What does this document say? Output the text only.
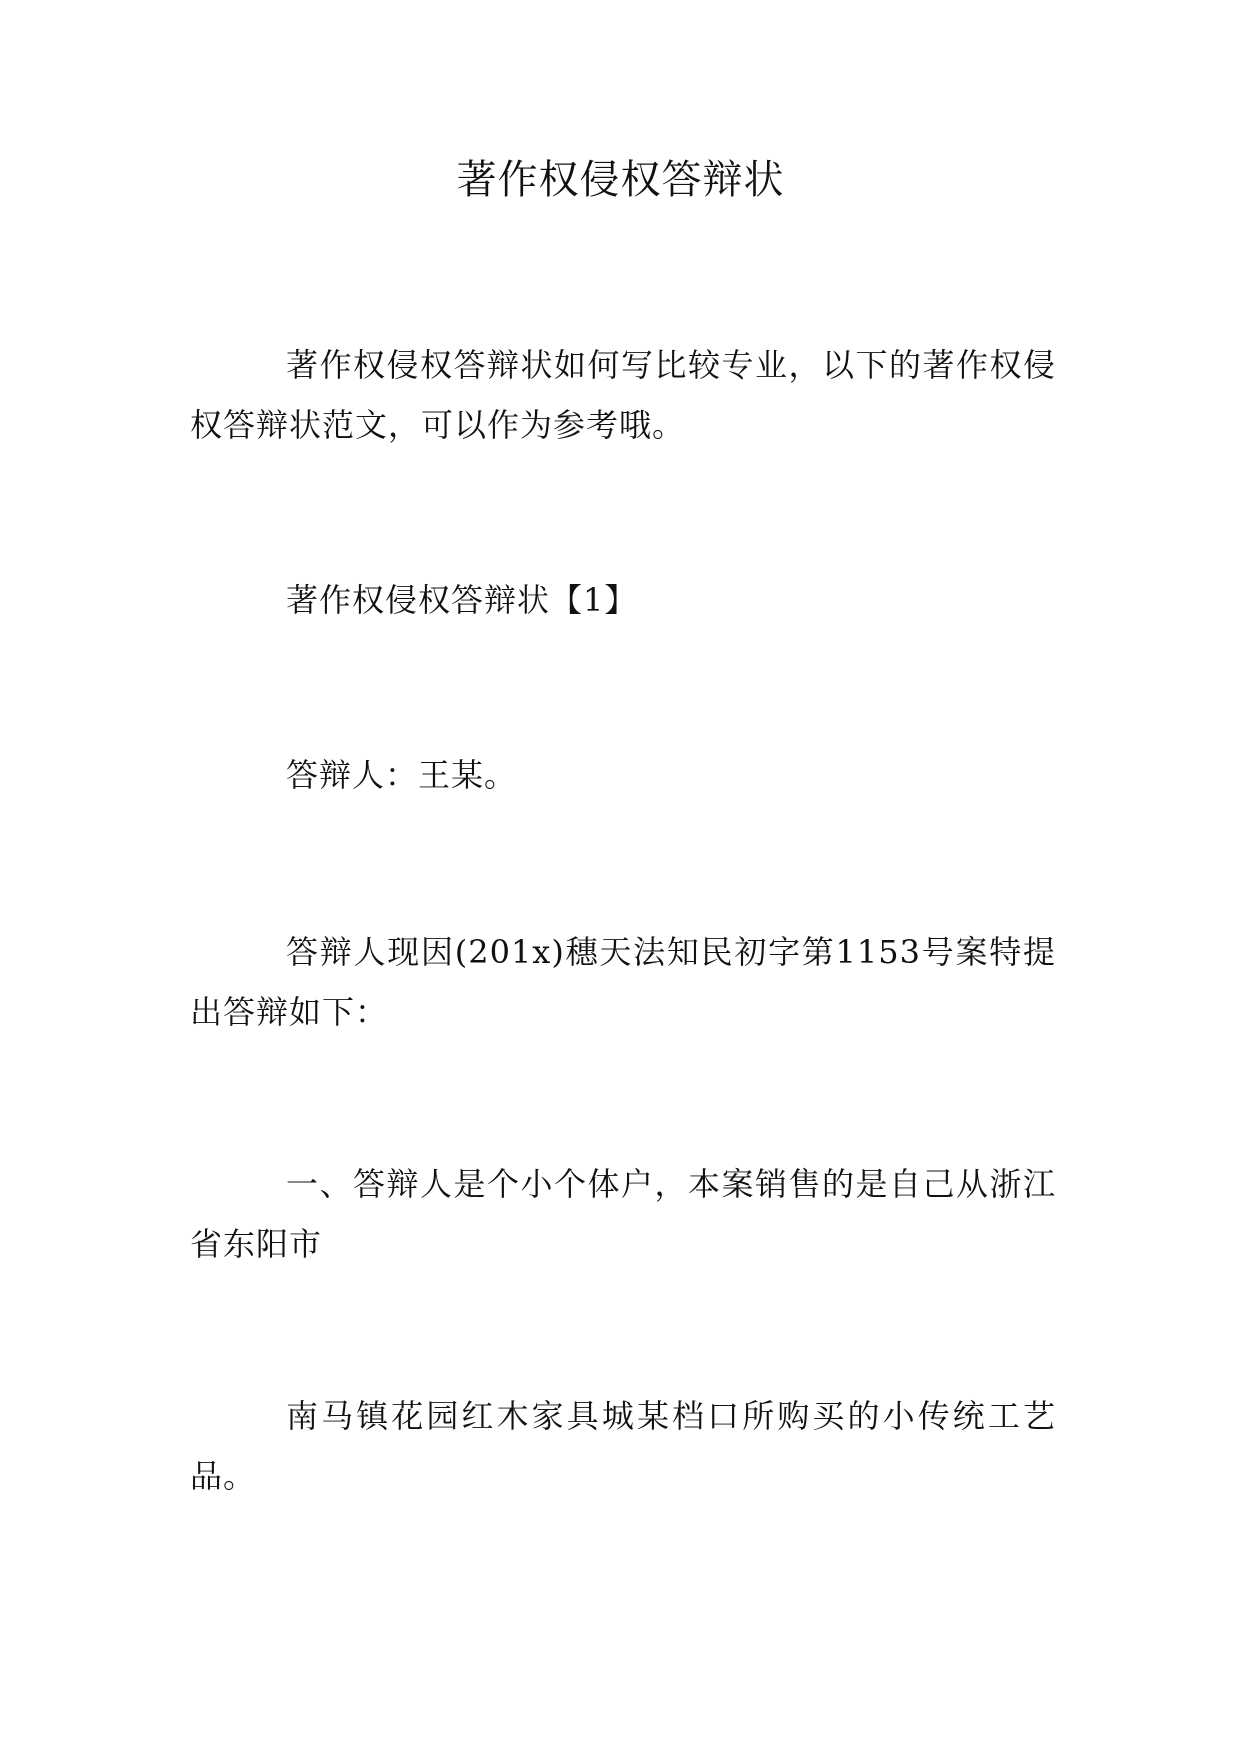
著作权侵权答辩状
著作权侵权答辩状如何写比较专业，以下的著作权侵权答辩状范文，可以作为参考哦。
著作权侵权答辩状【1】
答辩人：王某。
答辩人现因(201x)穗天法知民初字第1153号案特提出答辩如下：
一、答辩人是个小个体户，本案销售的是自己从浙江省东阳市
南马镇花园红木家具城某档口所购买的小传统工艺品。
